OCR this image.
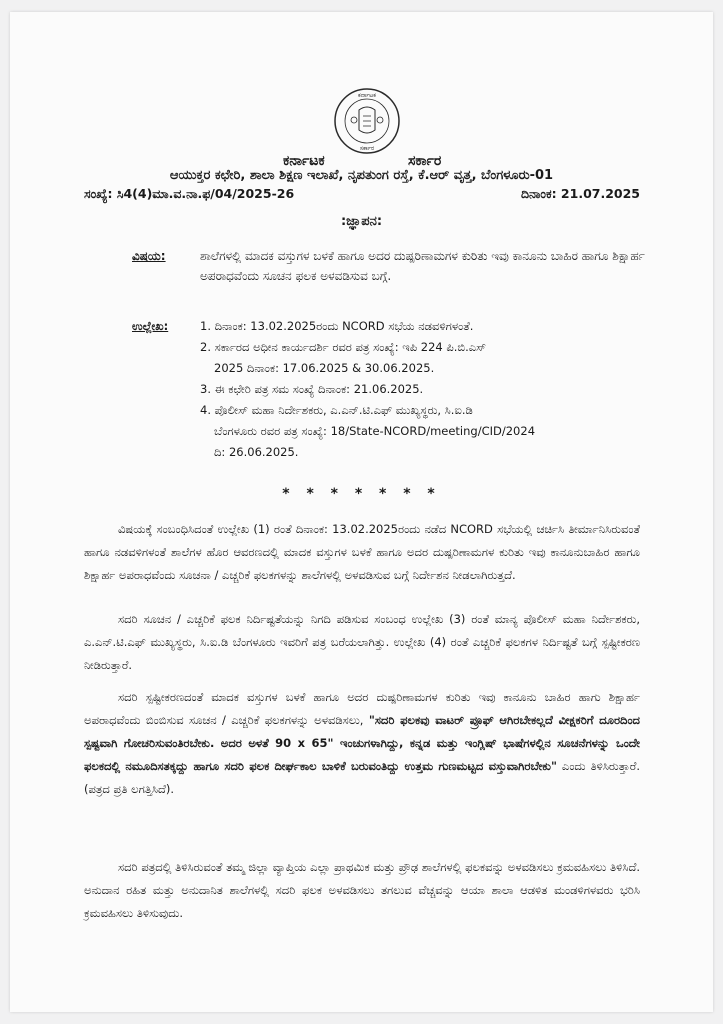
ಕರ್ನಾಟಕ
ಸರ್ಕಾರ
ಕರ್ನಾಟಕ	ಸರ್ಕಾರ
ಆಯುಕ್ತರ ಕಛೇರಿ, ಶಾಲಾ ಶಿಕ್ಷಣ ಇಲಾಖೆ, ನೃಪತುಂಗ ರಸ್ತೆ, ಕೆ.ಆರ್ ವೃತ್ತ, ಬೆಂಗಳೂರು-01
ಸಂಖ್ಯೆ: ಸಿ4(4)ಮಾ.ವ.ನಾ.ಫ/04/2025-26	ದಿನಾಂಕ: 21.07.2025
:ಜ್ಞಾಪನ:
ವಿಷಯ:	ಶಾಲೆಗಳಲ್ಲಿ ಮಾದಕ ವಸ್ತುಗಳ ಬಳಕೆ ಹಾಗೂ ಅದರ ದುಷ್ಪರಿಣಾಮಗಳ ಕುರಿತು ಇವು ಕಾನೂನು ಬಾಹಿರ ಹಾಗೂ ಶಿಕ್ಷಾರ್ಹ ಅಪರಾಧವೆಂದು ಸೂಚನ ಫಲಕ ಅಳವಡಿಸುವ ಬಗ್ಗೆ.
ಉಲ್ಲೇಖ:	1. ದಿನಾಂಕ: 13.02.2025ರಂದು NCORD ಸಭೆಯ ನಡವಳಿಗಳಂತೆ.
2. ಸರ್ಕಾರದ ಅಧೀನ ಕಾರ್ಯದರ್ಶಿ ರವರ ಪತ್ರ ಸಂಖ್ಯೆ: ಇಪಿ 224 ಪಿ.ಬಿ.ಎಸ್
2025 ದಿನಾಂಕ: 17.06.2025 & 30.06.2025.
3. ಈ ಕಛೇರಿ ಪತ್ರ ಸಮ ಸಂಖ್ಯೆ ದಿನಾಂಕ: 21.06.2025.
4. ಪೊಲೀಸ್ ಮಹಾ ನಿರ್ದೇಶಕರು, ಎ.ಎನ್.ಟಿ.ಎಫ್ ಮುಖ್ಯಸ್ಥರು, ಸಿ.ಐ.ಡಿ
ಬೆಂಗಳೂರು ರವರ ಪತ್ರ ಸಂಖ್ಯೆ: 18/State-NCORD/meeting/CID/2024
ದಿ: 26.06.2025.
* * * * * * *
ವಿಷಯಕ್ಕೆ ಸಂಬಂಧಿಸಿದಂತೆ ಉಲ್ಲೇಖ (1) ರಂತೆ ದಿನಾಂಕ: 13.02.2025ರಂದು ನಡೆದ NCORD ಸಭೆಯಲ್ಲಿ ಚರ್ಚಿಸಿ ತೀರ್ಮಾನಿಸಿರುವಂತೆ ಹಾಗೂ ನಡವಳಿಗಳಂತೆ ಶಾಲೆಗಳ ಹೊರ ಆವರಣದಲ್ಲಿ ಮಾದಕ ವಸ್ತುಗಳ ಬಳಕೆ ಹಾಗೂ ಅದರ ದುಷ್ಪರಿಣಾಮಗಳ ಕುರಿತು ಇವು ಕಾನೂನುಬಾಹಿರ ಹಾಗೂ ಶಿಕ್ಷಾರ್ಹ ಅಪರಾಧವೆಂದು ಸೂಚನಾ / ಎಚ್ಚರಿಕೆ ಫಲಕಗಳನ್ನು ಶಾಲೆಗಳಲ್ಲಿ ಅಳವಡಿಸುವ ಬಗ್ಗೆ ನಿರ್ದೇಶನ ನೀಡಲಾಗಿರುತ್ತದೆ.
ಸದರಿ ಸೂಚನ / ಎಚ್ಚರಿಕೆ ಫಲಕ ನಿರ್ದಿಷ್ಟತೆಯನ್ನು ನಿಗದಿ ಪಡಿಸುವ ಸಂಬಂಧ ಉಲ್ಲೇಖ (3) ರಂತೆ ಮಾನ್ಯ ಪೊಲೀಸ್ ಮಹಾ ನಿರ್ದೇಶಕರು, ಎ.ಎನ್.ಟಿ.ಎಫ್ ಮುಖ್ಯಸ್ಥರು, ಸಿ.ಐ.ಡಿ ಬೆಂಗಳೂರು ಇವರಿಗೆ ಪತ್ರ ಬರೆಯಲಾಗಿತ್ತು. ಉಲ್ಲೇಖ (4) ರಂತೆ ಎಚ್ಚರಿಕೆ ಫಲಕಗಳ ನಿರ್ದಿಷ್ಟತೆ ಬಗ್ಗೆ ಸ್ಪಷ್ಟೀಕರಣ ನೀಡಿರುತ್ತಾರೆ.
ಸದರಿ ಸ್ಪಷ್ಟೀಕರಣದಂತೆ ಮಾದಕ ವಸ್ತುಗಳ ಬಳಕೆ ಹಾಗೂ ಅದರ ದುಷ್ಪರಿಣಾಮಗಳ ಕುರಿತು ಇವು ಕಾನೂನು ಬಾಹಿರ ಹಾಗು ಶಿಕ್ಷಾರ್ಹ ಅಪರಾಧವೆಂದು ಬಿಂಬಿಸುವ ಸೂಚನ / ಎಚ್ಚರಿಕೆ ಫಲಕಗಳನ್ನು ಅಳವಡಿಸಲು, "ಸದರಿ ಫಲಕವು ವಾಟರ್ ಪ್ರೂಫ್ ಆಗಿರಬೇಕಲ್ಲದೆ ವೀಕ್ಷಕರಿಗೆ ದೂರದಿಂದ ಸ್ಪಷ್ಟವಾಗಿ ಗೋಚರಿಸುವಂತಿರಬೇಕು. ಅದರ ಅಳತೆ 90 x 65" ಇಂಚುಗಳಾಗಿದ್ದು, ಕನ್ನಡ ಮತ್ತು ಇಂಗ್ಲಿಷ್ ಭಾಷೆಗಳಲ್ಲಿನ ಸೂಚನೆಗಳನ್ನು ಒಂದೇ ಫಲಕದಲ್ಲಿ ನಮೂದಿಸತಕ್ಕದ್ದು ಹಾಗೂ ಸದರಿ ಫಲಕ ದೀರ್ಘಕಾಲ ಬಾಳಿಕೆ ಬರುವಂತಿದ್ದು ಉತ್ತಮ ಗುಣಮಟ್ಟದ ವಸ್ತುವಾಗಿರಬೇಕು" ಎಂದು ತಿಳಿಸಿರುತ್ತಾರೆ. (ಪತ್ರದ ಪ್ರತಿ ಲಗತ್ತಿಸಿದೆ).
ಸದರಿ ಪತ್ರದಲ್ಲಿ ತಿಳಿಸಿರುವಂತೆ ತಮ್ಮ ಜಿಲ್ಲಾ ವ್ಯಾಪ್ತಿಯ ಎಲ್ಲಾ ಪ್ರಾಥಮಿಕ ಮತ್ತು ಪ್ರೌಢ ಶಾಲೆಗಳಲ್ಲಿ ಫಲಕವನ್ನು ಅಳವಡಿಸಲು ಕ್ರಮವಹಿಸಲು ತಿಳಿಸಿದೆ. ಅನುದಾನ ರಹಿತ ಮತ್ತು ಅನುದಾನಿತ ಶಾಲೆಗಳಲ್ಲಿ ಸದರಿ ಫಲಕ ಅಳವಡಿಸಲು ತಗಲುವ ವೆಚ್ಚವನ್ನು ಆಯಾ ಶಾಲಾ ಆಡಳಿತ ಮಂಡಳಿಗಳವರು ಭರಿಸಿ ಕ್ರಮವಹಿಸಲು ತಿಳಿಸುವುದು.
